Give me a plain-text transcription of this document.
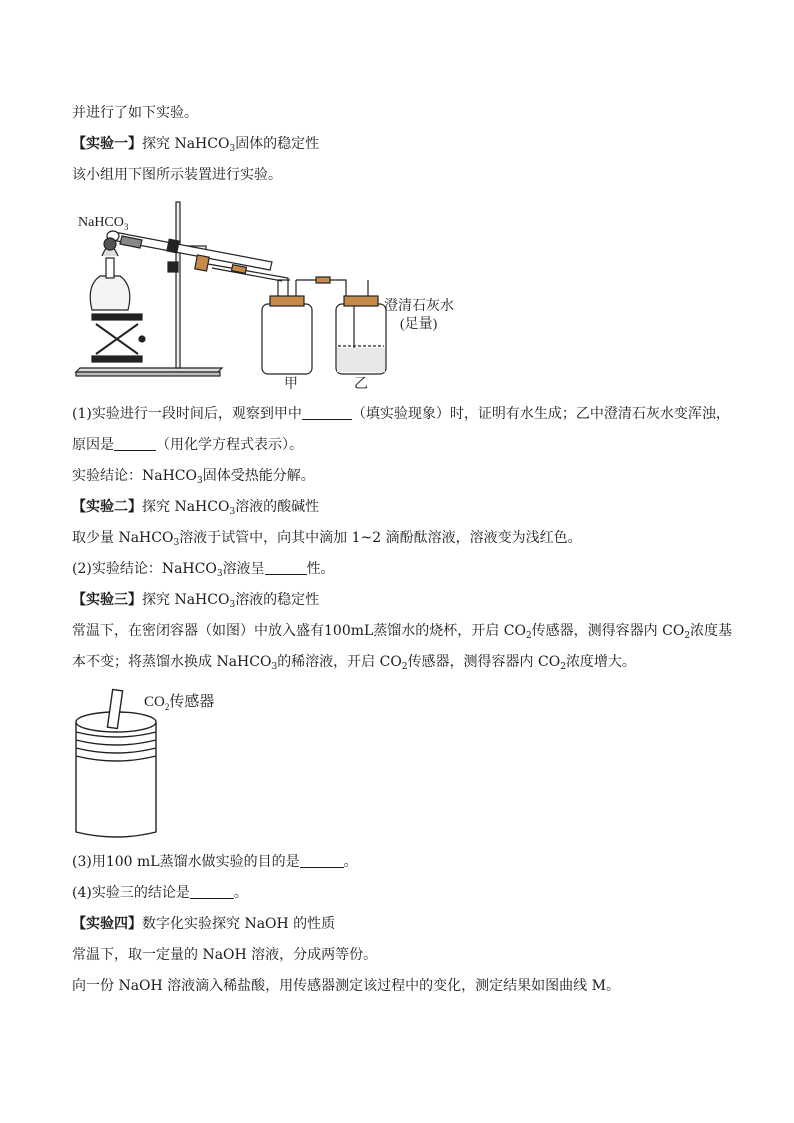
并进行了如下实验。
【实验一】探究 NaHCO$_3$固体的稳定性
该小组用下图所示装置进行实验。
NaHCO$_3$
澄清石灰水
(足量)
甲	乙
(1)实验进行一段时间后，观察到甲中	（填实验现象）时，证明有水生成；乙中澄清石灰水变浑浊，
原因是	（用化学方程式表示）。
实验结论：NaHCO$_3$固体受热能分解。
【实验二】探究 NaHCO$_3$溶液的酸碱性
取少量 NaHCO$_3$溶液于试管中，向其中滴加 1~2 滴酚酞溶液，溶液变为浅红色。
(2)实验结论：NaHCO$_3$溶液呈	性。
【实验三】探究 NaHCO$_3$溶液的稳定性
常温下，在密闭容器（如图）中放入盛有100mL蒸馏水的烧杯，开启 $CO_2$传感器，测得容器内 $CO_2$浓度基
本不变；将蒸馏水换成 NaHCO$_3$的稀溶液，开启 $CO_2$传感器，测得容器内 $CO_2$浓度增大。
$CO_2$传感器
(3)用100 mL蒸馏水做实验的目的是	。
(4)实验三的结论是	。
【实验四】数字化实验探究 NaOH 的性质
常温下，取一定量的 NaOH 溶液，分成两等份。
向一份 NaOH 溶液滴入稀盐酸，用传感器测定该过程中的变化，测定结果如图曲线 M。
